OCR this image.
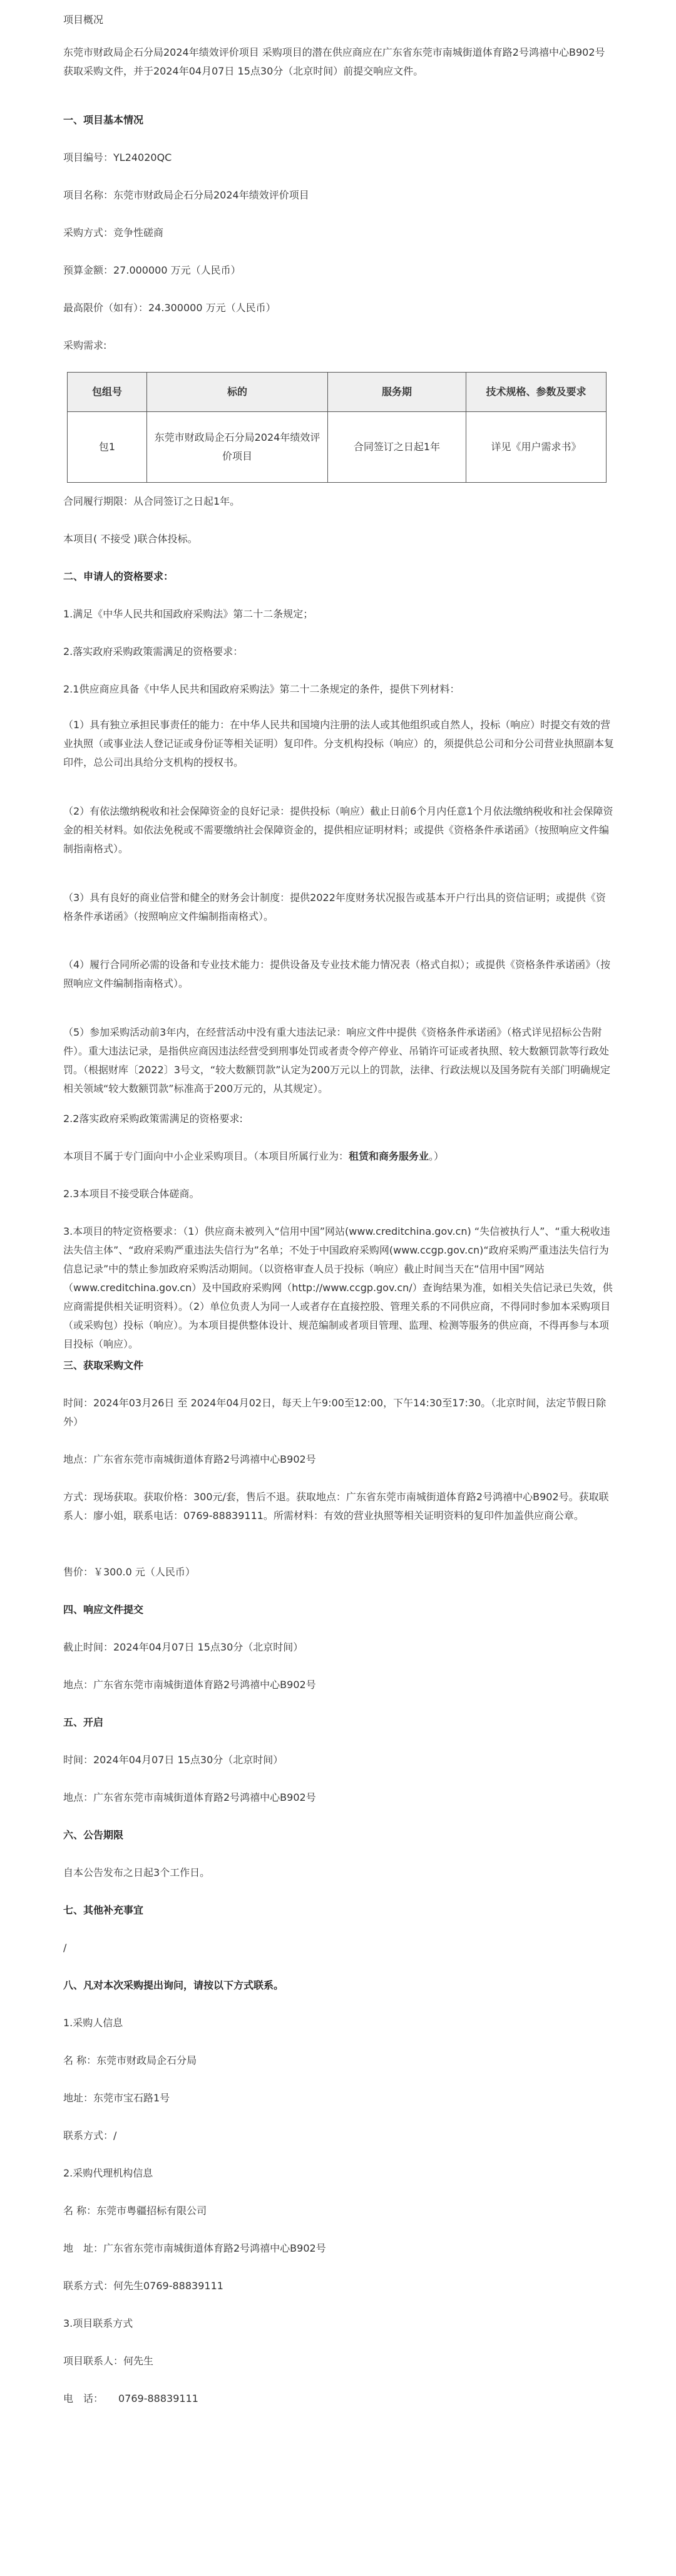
项目概况

东莞市财政局企石分局2024年绩效评价项目 采购项目的潜在供应商应在广东省东莞市南城街道体育路2号鸿禧中心B902号获取采购文件，并于2024年04月07日 15点30分（北京时间）前提交响应文件。

一、项目基本情况

项目编号：YL24020QC

项目名称：东莞市财政局企石分局2024年绩效评价项目

采购方式：竞争性磋商

预算金额：27.000000 万元（人民币）

最高限价（如有）：24.300000 万元（人民币）

采购需求:

包组号	标的	服务期	技术规格、参数及要求
包1	东莞市财政局企石分局2024年绩效评价项目	合同签订之日起1年	详见《用户需求书》

合同履行期限：从合同签订之日起1年。

本项目( 不接受 )联合体投标。

二、申请人的资格要求：

1.满足《中华人民共和国政府采购法》第二十二条规定；

2.落实政府采购政策需满足的资格要求：

2.1供应商应具备《中华人民共和国政府采购法》第二十二条规定的条件，提供下列材料：

（1）具有独立承担民事责任的能力：在中华人民共和国境内注册的法人或其他组织或自然人，投标（响应）时提交有效的营业执照（或事业法人登记证或身份证等相关证明）复印件。分支机构投标（响应）的，须提供总公司和分公司营业执照副本复印件，总公司出具给分支机构的授权书。

（2）有依法缴纳税收和社会保障资金的良好记录：提供投标（响应）截止日前6个月内任意1个月依法缴纳税收和社会保障资金的相关材料。如依法免税或不需要缴纳社会保障资金的，提供相应证明材料；或提供《资格条件承诺函》（按照响应文件编制指南格式）。

（3）具有良好的商业信誉和健全的财务会计制度：提供2022年度财务状况报告或基本开户行出具的资信证明；或提供《资格条件承诺函》（按照响应文件编制指南格式）。

（4）履行合同所必需的设备和专业技术能力：提供设备及专业技术能力情况表（格式自拟）；或提供《资格条件承诺函》（按照响应文件编制指南格式）。

（5）参加采购活动前3年内，在经营活动中没有重大违法记录：响应文件中提供《资格条件承诺函》（格式详见招标公告附件）。重大违法记录，是指供应商因违法经营受到刑事处罚或者责令停产停业、吊销许可证或者执照、较大数额罚款等行政处罚。（根据财库〔2022〕3号文，“较大数额罚款”认定为200万元以上的罚款，法律、行政法规以及国务院有关部门明确规定相关领域“较大数额罚款”标准高于200万元的，从其规定）。

2.2落实政府采购政策需满足的资格要求:

本项目不属于专门面向中小企业采购项目。（本项目所属行业为：租赁和商务服务业。）

2.3本项目不接受联合体磋商。

3.本项目的特定资格要求：（1）供应商未被列入“信用中国”网站(www.creditchina.gov.cn) “失信被执行人”、“重大税收违法失信主体”、“政府采购严重违法失信行为”名单；不处于中国政府采购网(www.ccgp.gov.cn)“政府采购严重违法失信行为信息记录”中的禁止参加政府采购活动期间。（以资格审查人员于投标（响应）截止时间当天在“信用中国”网站（www.creditchina.gov.cn）及中国政府采购网（http://www.ccgp.gov.cn/）查询结果为准，如相关失信记录已失效，供应商需提供相关证明资料）。（2）单位负责人为同一人或者存在直接控股、管理关系的不同供应商，不得同时参加本采购项目（或采购包）投标（响应）。为本项目提供整体设计、规范编制或者项目管理、监理、检测等服务的供应商，不得再参与本项目投标（响应）。

三、获取采购文件

时间：2024年03月26日 至 2024年04月02日，每天上午9:00至12:00，下午14:30至17:30。（北京时间，法定节假日除外）

地点：广东省东莞市南城街道体育路2号鸿禧中心B902号

方式：现场获取。获取价格：300元/套，售后不退。获取地点：广东省东莞市南城街道体育路2号鸿禧中心B902号。获取联系人：廖小姐，联系电话：0769-88839111。所需材料：有效的营业执照等相关证明资料的复印件加盖供应商公章。

售价：￥300.0 元（人民币）

四、响应文件提交

截止时间：2024年04月07日 15点30分（北京时间）

地点：广东省东莞市南城街道体育路2号鸿禧中心B902号

五、开启

时间：2024年04月07日 15点30分（北京时间）

地点：广东省东莞市南城街道体育路2号鸿禧中心B902号

六、公告期限

自本公告发布之日起3个工作日。

七、其他补充事宜

/

八、凡对本次采购提出询问，请按以下方式联系。

1.采购人信息

名 称：东莞市财政局企石分局

地址：东莞市宝石路1号

联系方式：/

2.采购代理机构信息

名 称：东莞市粤疆招标有限公司

地　址：广东省东莞市南城街道体育路2号鸿禧中心B902号

联系方式：何先生0769-88839111

3.项目联系方式

项目联系人：何先生

电　话：　　0769-88839111
